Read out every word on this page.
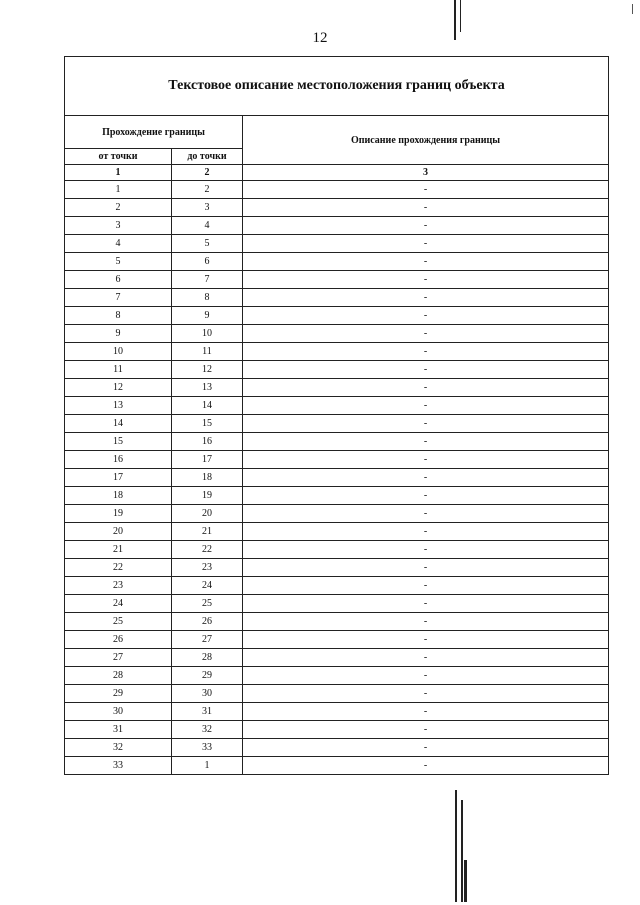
12
Текстовое описание местоположения границ объекта		
Прохождение границы		Описание прохождения границы
от точки	до точки	
1	2	3
1	2	-
2	3	-
3	4	-
4	5	-
5	6	-
6	7	-
7	8	-
8	9	-
9	10	-
10	11	-
11	12	-
12	13	-
13	14	-
14	15	-
15	16	-
16	17	-
17	18	-
18	19	-
19	20	-
20	21	-
21	22	-
22	23	-
23	24	-
24	25	-
25	26	-
26	27	-
27	28	-
28	29	-
29	30	-
30	31	-
31	32	-
32	33	-
33	1	-
